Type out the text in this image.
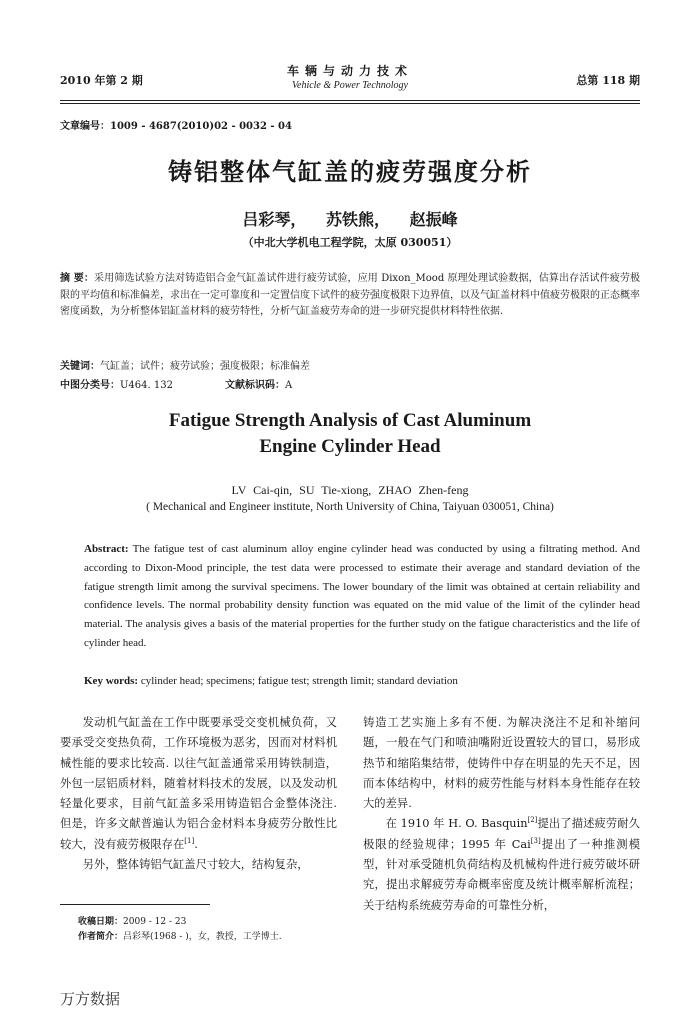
2010 年第 2 期
车辆与动力技术
Vehicle & Power Technology	总第 118 期
文章编号：1009 - 4687(2010)02 - 0032 - 04
铸铝整体气缸盖的疲劳强度分析
吕彩琴， 苏铁熊， 赵振峰
（中北大学机电工程学院，太原 030051）
摘 要：采用筛选试验方法对铸造铝合金气缸盖试件进行疲劳试验，应用 Dixon_Mood 原理处理试验数据，估算出存活试件疲劳极限的平均值和标准偏差，求出在一定可靠度和一定置信度下试件的疲劳强度极限下边界值，以及气缸盖材料中值疲劳极限的正态概率密度函数，为分析整体铝缸盖材料的疲劳特性，分析气缸盖疲劳寿命的进一步研究提供材料特性依据.
关键词：气缸盖；试件；疲劳试验；强度极限；标准偏差
中图分类号：U464. 132	文献标识码：A
Fatigue Strength Analysis of Cast Aluminum
Engine Cylinder Head
LV Cai-qin, SU Tie-xiong, ZHAO Zhen-feng
( Mechanical and Engineer institute, North University of China, Taiyuan 030051, China)
Abstract: The fatigue test of cast aluminum alloy engine cylinder head was conducted by using a filtrating method. And according to Dixon-Mood principle, the test data were processed to estimate their average and standard deviation of the fatigue strength limit among the survival specimens. The lower boundary of the limit was obtained at certain reliability and confidence levels. The normal probability density function was equated on the mid value of the limit of the cylinder head material. The analysis gives a basis of the material properties for the further study on the fatigue characteristics and the life of cylinder head.
Key words: cylinder head; specimens; fatigue test; strength limit; standard deviation

发动机气缸盖在工作中既要承受交变机械负荷，又要承受交变热负荷，工作环境极为恶劣，因而对材料机械性能的要求比较高. 以往气缸盖通常采用铸铁制造，外包一层铝质材料，随着材料技术的发展，以及发动机轻量化要求，目前气缸盖多采用铸造铝合金整体浇注. 但是，许多文献普遍认为铝合金材料本身疲劳分散性比较大，没有疲劳极限存在[1].

另外，整体铸铝气缸盖尺寸较大，结构复杂，

铸造工艺实施上多有不便. 为解决浇注不足和补缩问题，一般在气门和喷油嘴附近设置较大的冒口，易形成热节和缩陷集结带，使铸件中存在明显的先天不足，因而本体结构中，材料的疲劳性能与材料本身性能存在较大的差异.

在 1910 年 H. O. Basquin[2]提出了描述疲劳耐久极限的经验规律；1995 年 Cai[3]提出了一种推测模型，针对承受随机负荷结构及机械构件进行疲劳破坏研究，提出求解疲劳寿命概率密度及统计概率解析流程；关于结构系统疲劳寿命的可靠性分析，

收稿日期：2009 - 12 - 23
作者简介：吕彩琴(1968 - )，女，教授，工学博士.
万方数据
